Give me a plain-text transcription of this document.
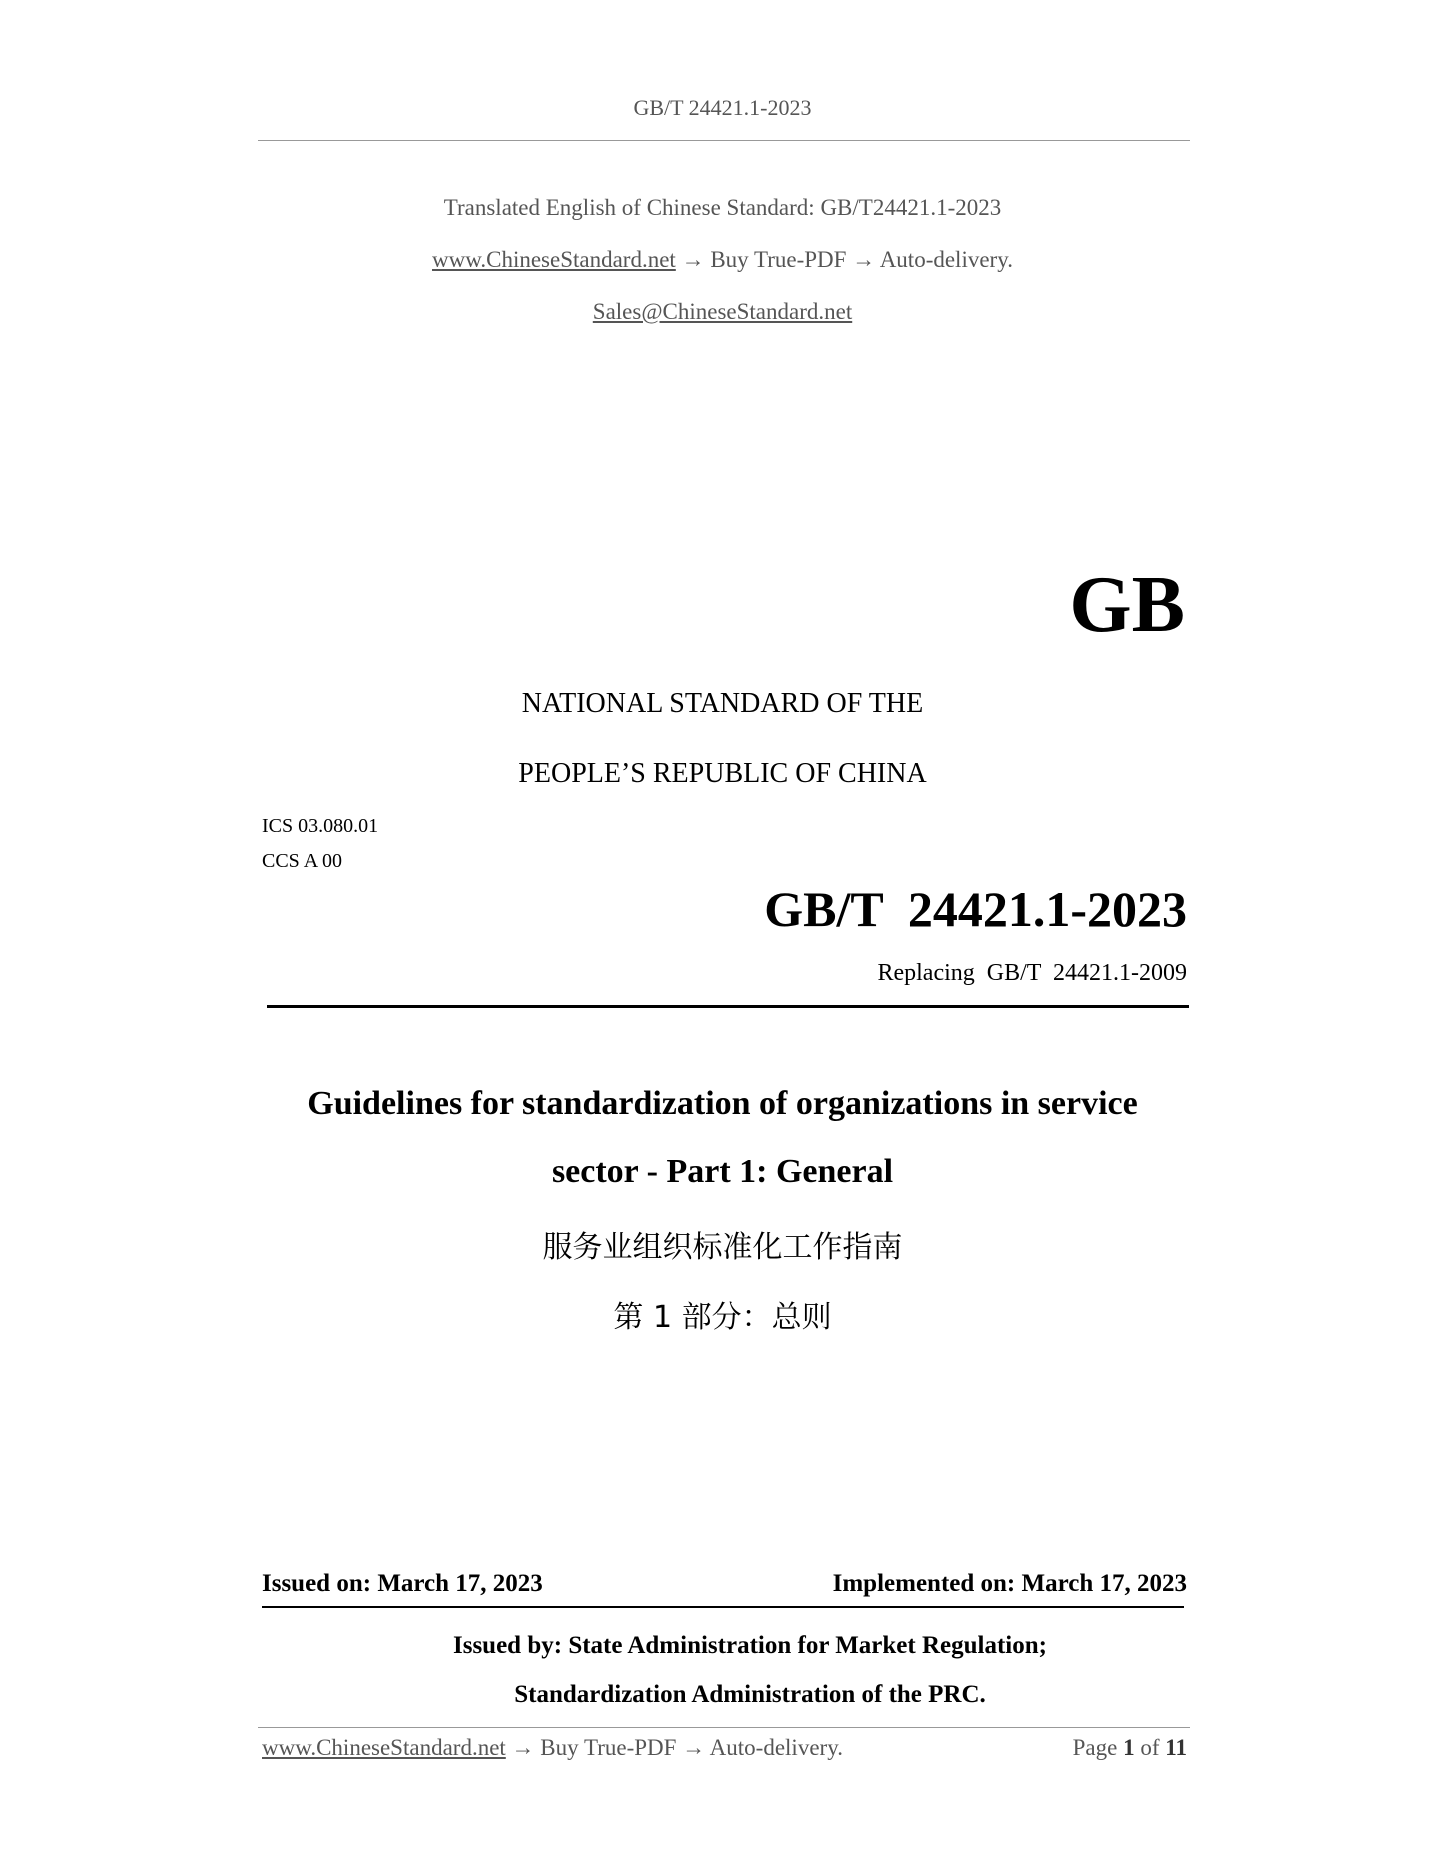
GB/T 24421.1-2023
Translated English of Chinese Standard: GB/T24421.1-2023
www.ChineseStandard.net → Buy True-PDF → Auto-delivery.
Sales@ChineseStandard.net
GB
NATIONAL STANDARD OF THE
PEOPLE’S REPUBLIC OF CHINA
ICS 03.080.01
CCS A 00
GB/T  24421.1-2023
Replacing  GB/T  24421.1-2009
Guidelines for standardization of organizations in service
sector - Part 1: General
服务业组织标准化工作指南
第 1 部分：总则
Issued on: March 17, 2023	Implemented on: March 17, 2023
Issued by: State Administration for Market Regulation;
Standardization Administration of the PRC.
www.ChineseStandard.net → Buy True-PDF → Auto-delivery.	Page 1 of 11
